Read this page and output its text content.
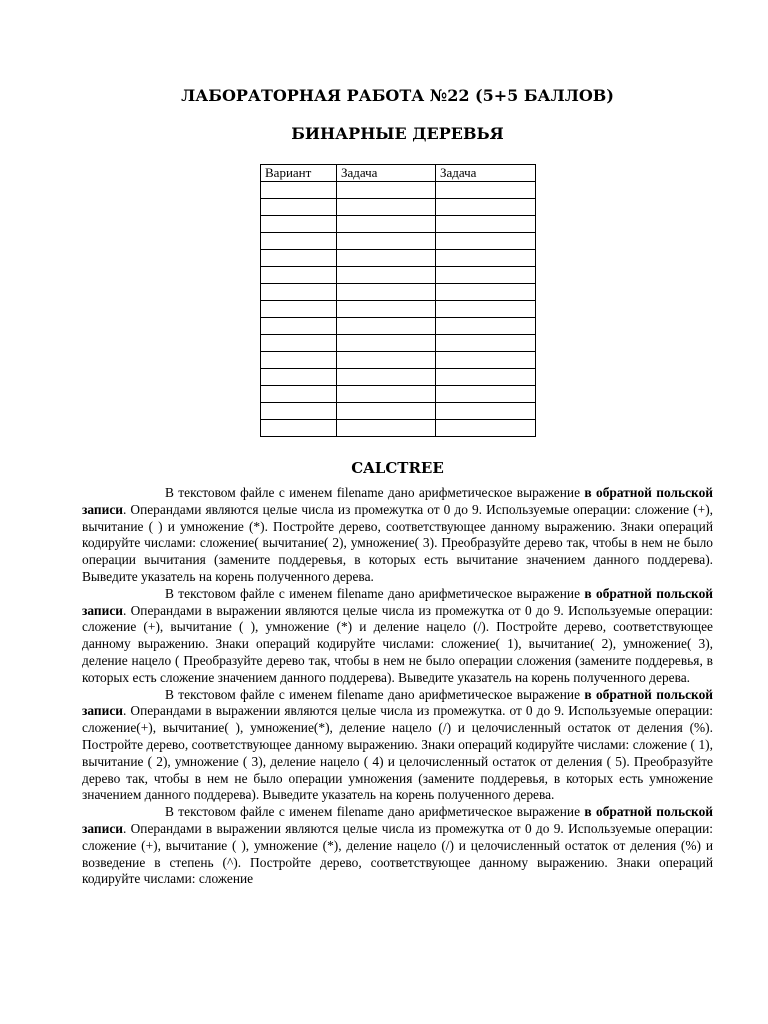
ЛАБОРАТОРНАЯ РАБОТА №22 (5+5 БАЛЛОВ)
БИНАРНЫЕ ДЕРЕВЬЯ
Вариант	Задача	Задача

CALCTREE

В текстовом файле с именем filename дано арифметическое выражение в обратной польской записи. Операндами являются целые числа из промежутка от 0 до 9. Используемые операции: сложение (+), вычитание ( ) и умножение (*). Постройте дерево, соответствующее данному выражению. Знаки операций кодируйте числами: сложение( вычитание( 2), умножение( 3). Преобразуйте дерево так, чтобы в нем не было операции вычитания (замените поддеревья, в которых есть вычитание значением данного поддерева). Выведите указатель на корень полученного дерева.

В текстовом файле с именем filename дано арифметическое выражение в обратной польской записи. Операндами в выражении являются целые числа из промежутка от 0 до 9. Используемые операции: сложение (+), вычитание ( ), умножение (*) и деление нацело (/). Постройте дерево, соответствующее данному выражению. Знаки операций кодируйте числами: сложение( 1), вычитание( 2), умножение( 3), деление нацело ( Преобразуйте дерево так, чтобы в нем не было операции сложения (замените поддеревья, в которых есть сложение значением данного поддерева). Выведите указатель на корень полученного дерева.

В текстовом файле с именем filename дано арифметическое выражение в обратной польской записи. Операндами в выражении являются целые числа из промежутка. от 0 до 9. Используемые операции: сложение(+), вычитание( ), умножение(*), деление нацело (/) и целочисленный остаток от деления (%). Постройте дерево, соответствующее данному выражению. Знаки операций кодируйте числами: сложение ( 1), вычитание ( 2), умножение ( 3), деление нацело ( 4) и целочисленный остаток от деления ( 5). Преобразуйте дерево так, чтобы в нем не было операции умножения (замените поддеревья, в которых есть умножение значением данного поддерева). Выведите указатель на корень полученного дерева.

В текстовом файле с именем filename дано арифметическое выражение в обратной польской записи. Операндами в выражении являются целые числа из промежутка от 0 до 9. Используемые операции: сложение (+), вычитание ( ), умножение (*), деление нацело (/) и целочисленный остаток от деления (%) и возведение в степень (^). Постройте дерево, соответствующее данному выражению. Знаки операций кодируйте числами: сложение
